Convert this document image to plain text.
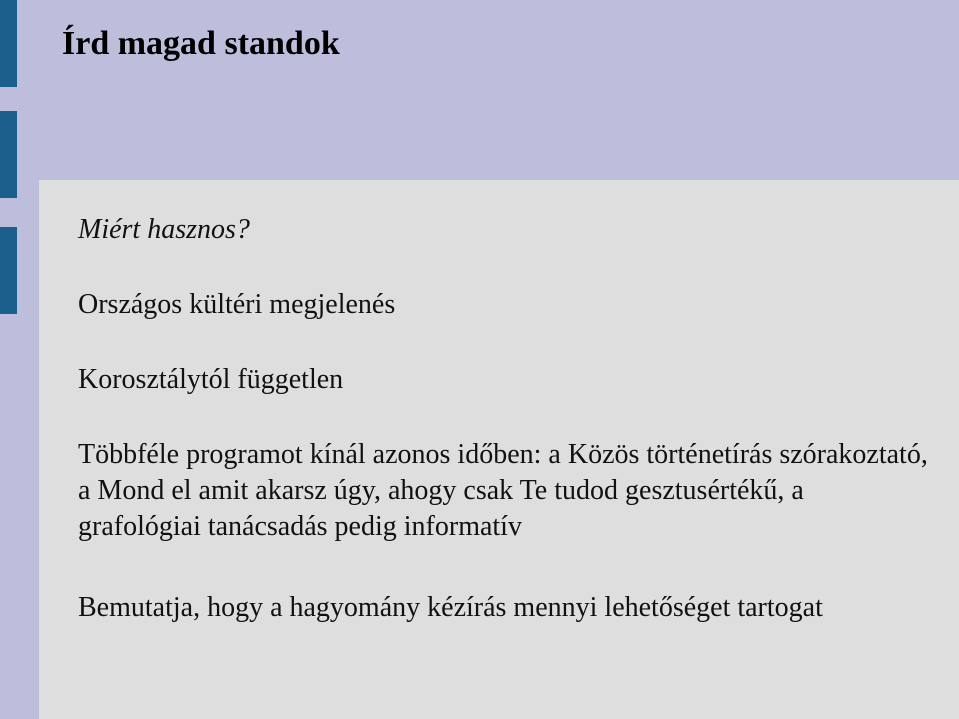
Írd magad standok

Miért hasznos?

Országos kültéri megjelenés

Korosztálytól független

Többféle programot kínál azonos időben: a Közös történetírás szórakoztató, a Mond el amit akarsz úgy, ahogy csak Te tudod gesztusértékű, a grafológiai tanácsadás pedig informatív

Bemutatja, hogy a hagyomány kézírás mennyi lehetőséget tartogat
